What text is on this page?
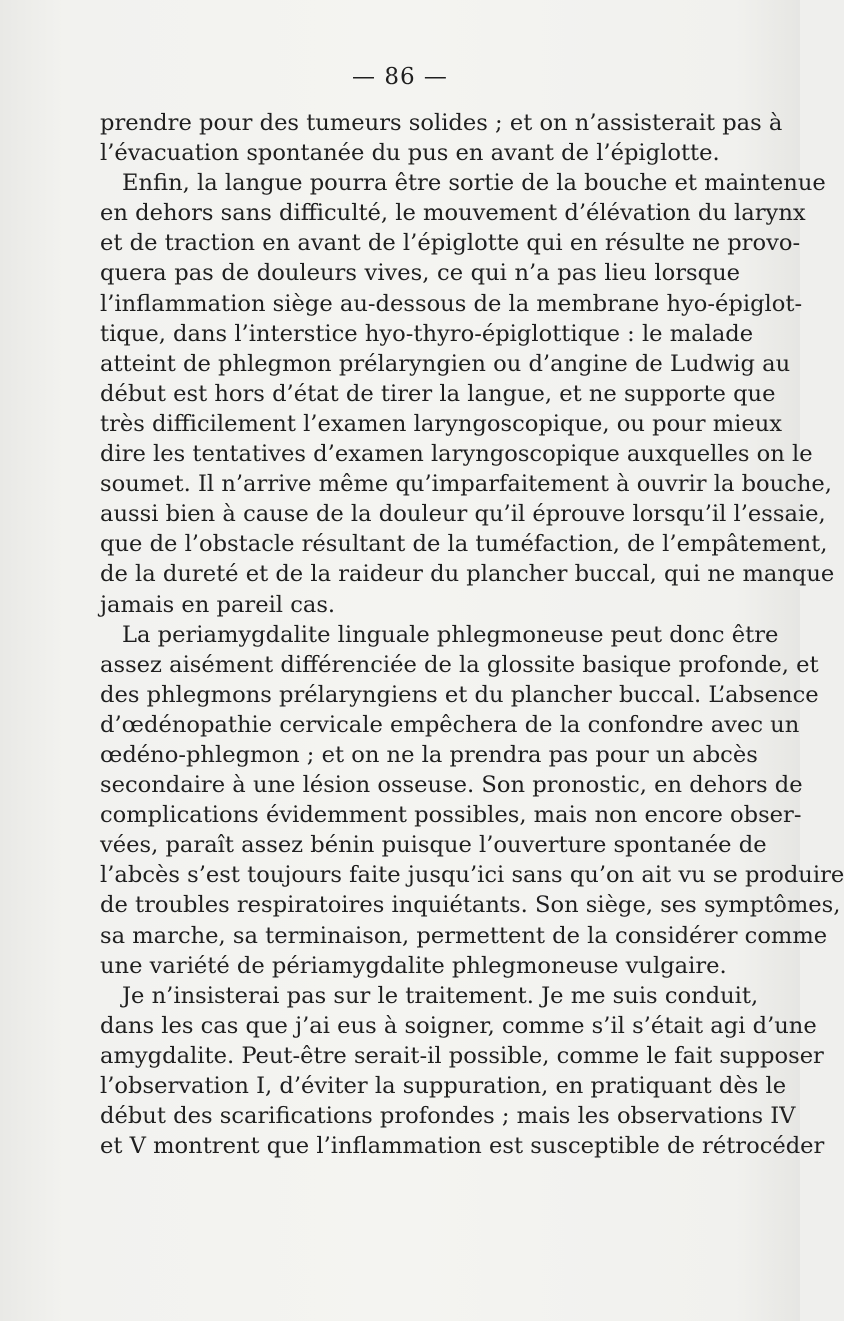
— 86 —
prendre pour des tumeurs solides ; et on n’assisterait pas à
l’évacuation spontanée du pus en avant de l’épiglotte.
Enfin, la langue pourra être sortie de la bouche et maintenue
en dehors sans difficulté, le mouvement d’élévation du larynx
et de traction en avant de l’épiglotte qui en résulte ne provo-
quera pas de douleurs vives, ce qui n’a pas lieu lorsque
l’inflammation siège au-dessous de la membrane hyo-épiglot-
tique, dans l’interstice hyo-thyro-épiglottique : le malade
atteint de phlegmon prélaryngien ou d’angine de Ludwig au
début est hors d’état de tirer la langue, et ne supporte que
très difficilement l’examen laryngoscopique, ou pour mieux
dire les tentatives d’examen laryngoscopique auxquelles on le
soumet. Il n’arrive même qu’imparfaitement à ouvrir la bouche,
aussi bien à cause de la douleur qu’il éprouve lorsqu’il l’essaie,
que de l’obstacle résultant de la tuméfaction, de l’empâtement,
de la dureté et de la raideur du plancher buccal, qui ne manque
jamais en pareil cas.
La periamygdalite linguale phlegmoneuse peut donc être
assez aisément différenciée de la glossite basique profonde, et
des phlegmons prélaryngiens et du plancher buccal. L’absence
d’œdénopathie cervicale empêchera de la confondre avec un
œdéno-phlegmon ; et on ne la prendra pas pour un abcès
secondaire à une lésion osseuse. Son pronostic, en dehors de
complications évidemment possibles, mais non encore obser-
vées, paraît assez bénin puisque l’ouverture spontanée de
l’abcès s’est toujours faite jusqu’ici sans qu’on ait vu se produire
de troubles respiratoires inquiétants. Son siège, ses symptômes,
sa marche, sa terminaison, permettent de la considérer comme
une variété de périamygdalite phlegmoneuse vulgaire.
Je n’insisterai pas sur le traitement. Je me suis conduit,
dans les cas que j’ai eus à soigner, comme s’il s’était agi d’une
amygdalite. Peut-être serait-il possible, comme le fait supposer
l’observation I, d’éviter la suppuration, en pratiquant dès le
début des scarifications profondes ; mais les observations IV
et V montrent que l’inflammation est susceptible de rétrocéder
